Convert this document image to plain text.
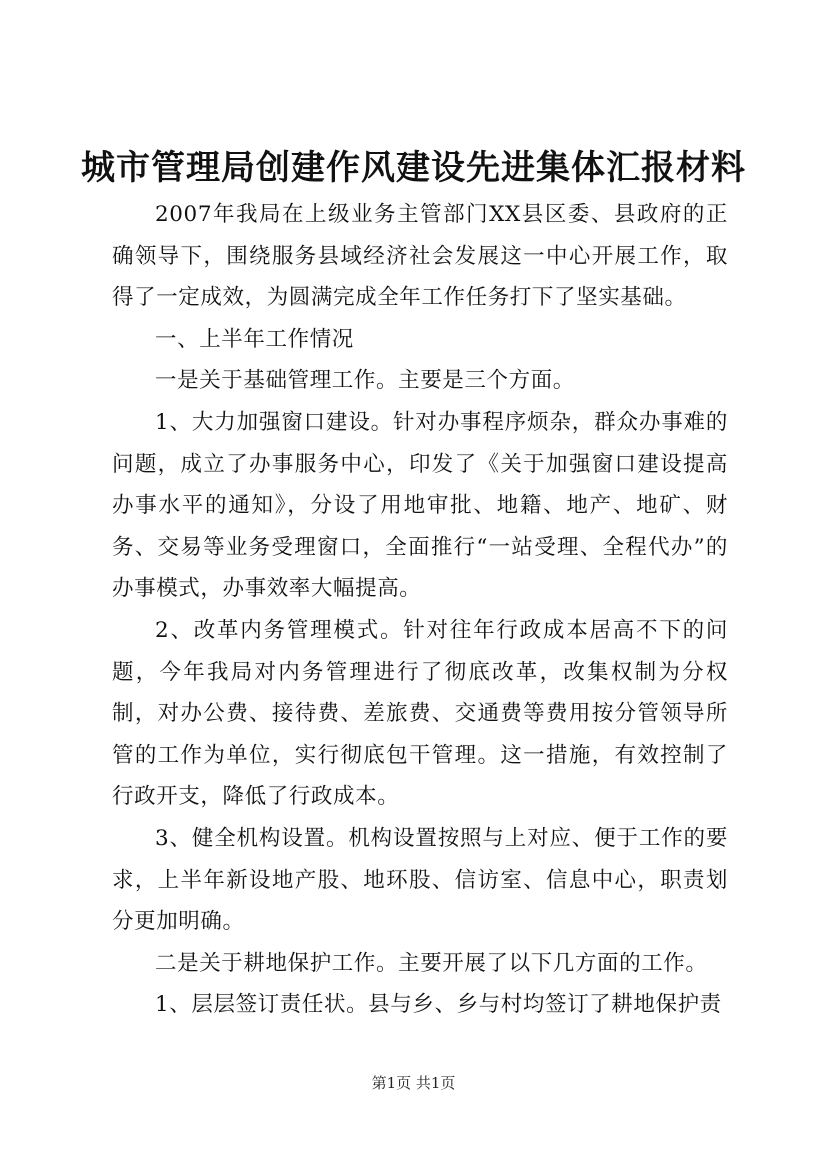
城市管理局创建作风建设先进集体汇报材料

2007年我局在上级业务主管部门XX县区委、县政府的正确领导下，围绕服务县域经济社会发展这一中心开展工作，取得了一定成效，为圆满完成全年工作任务打下了坚实基础。

一、上半年工作情况

一是关于基础管理工作。主要是三个方面。

1、大力加强窗口建设。针对办事程序烦杂，群众办事难的问题，成立了办事服务中心，印发了《关于加强窗口建设提高办事水平的通知》，分设了用地审批、地籍、地产、地矿、财务、交易等业务受理窗口，全面推行“一站受理、全程代办”的办事模式，办事效率大幅提高。

2、改革内务管理模式。针对往年行政成本居高不下的问题，今年我局对内务管理进行了彻底改革，改集权制为分权制，对办公费、接待费、差旅费、交通费等费用按分管领导所管的工作为单位，实行彻底包干管理。这一措施，有效控制了行政开支，降低了行政成本。

3、健全机构设置。机构设置按照与上对应、便于工作的要求，上半年新设地产股、地环股、信访室、信息中心，职责划分更加明确。

二是关于耕地保护工作。主要开展了以下几方面的工作。

1、层层签订责任状。县与乡、乡与村均签订了耕地保护责

第1页 共1页
